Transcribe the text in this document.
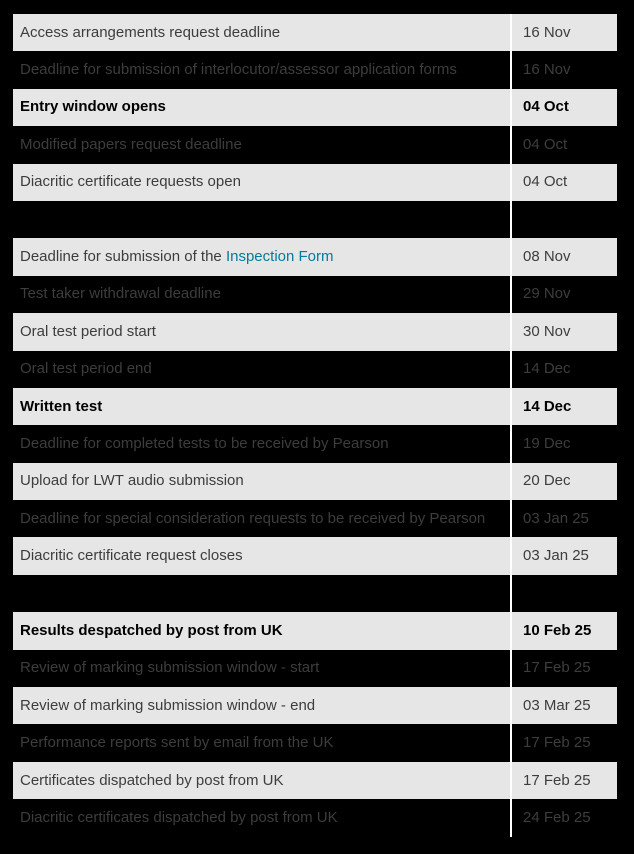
Access arrangements request deadline	16 Nov
Deadline for submission of interlocutor/assessor application forms	16 Nov
Entry window opens	04 Oct
Modified papers request deadline	04 Oct
Diacritic certificate requests open	04 Oct
Entry deadline	01 Nov
Deadline for submission of the Inspection Form	08 Nov
Test taker withdrawal deadline	29 Nov
Oral test period start	30 Nov
Oral test period end	14 Dec
Written test	14 Dec
Deadline for completed tests to be received by Pearson	19 Dec
Upload for LWT audio submission	20 Dec
Deadline for special consideration requests to be received by Pearson	03 Jan 25
Diacritic certificate request closes	03 Jan 25
Results available via Edexcel Online	10 Feb 25
Results despatched by post from UK	10 Feb 25
Review of marking submission window - start	17 Feb 25
Review of marking submission window - end	03 Mar 25
Performance reports sent by email from the UK	17 Feb 25
Certificates dispatched by post from UK	17 Feb 25
Diacritic certificates dispatched by post from UK	24 Feb 25
